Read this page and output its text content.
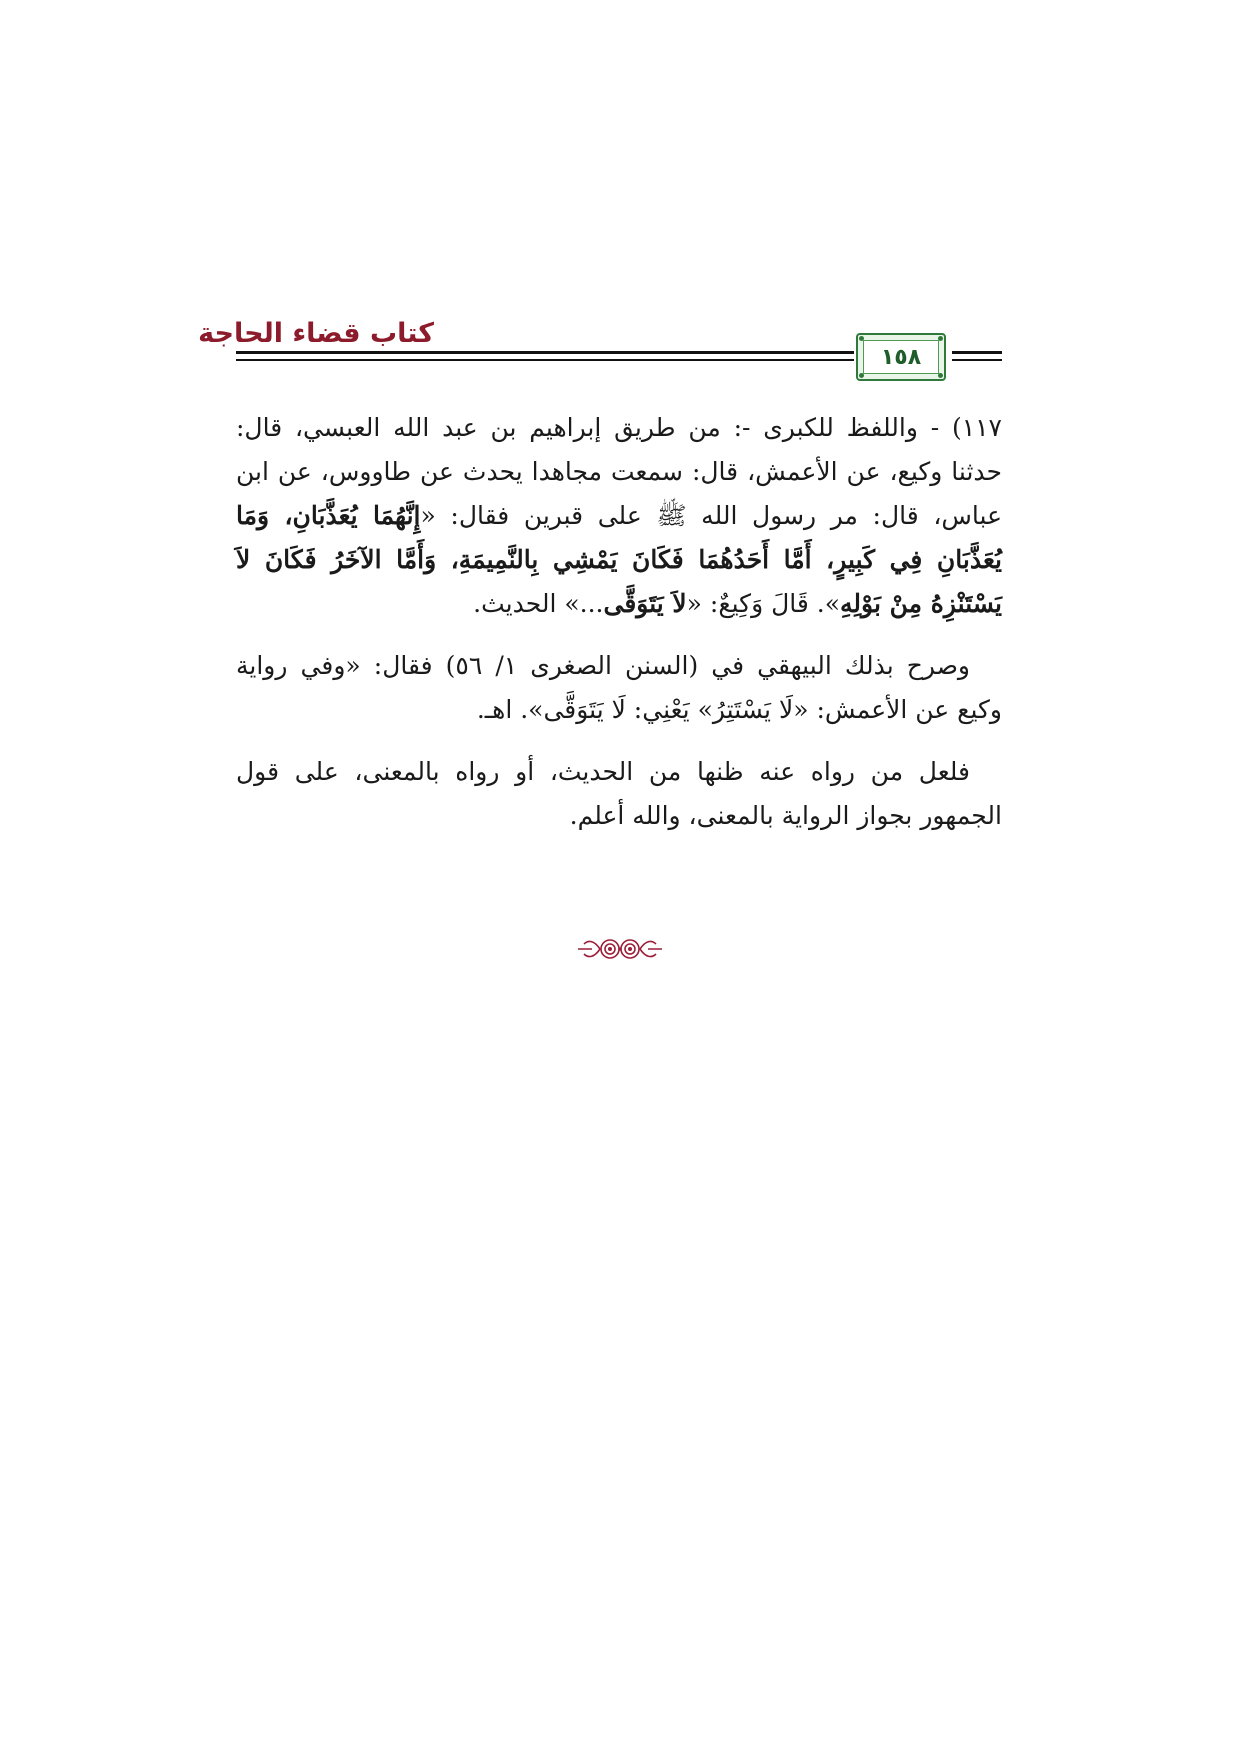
كتاب قضاء الحاجة
١٥٨

١١٧) - واللفظ للكبرى -: من طريق إبراهيم بن عبد الله العبسي، قال: حدثنا وكيع، عن الأعمش، قال: سمعت مجاهدا يحدث عن طاووس، عن ابن عباس، قال: مر رسول الله ﷺ على قبرين فقال: «إِنَّهُمَا يُعَذَّبَانِ، وَمَا يُعَذَّبَانِ فِي كَبِيرٍ، أَمَّا أَحَدُهُمَا فَكَانَ يَمْشِي بِالنَّمِيمَةِ، وَأَمَّا الآخَرُ فَكَانَ لاَ يَسْتَنْزِهُ مِنْ بَوْلِهِ». قَالَ وَكِيعٌ: «لاَ يَتَوَقَّى...» الحديث.

وصرح بذلك البيهقي في (السنن الصغرى ١/ ٥٦) فقال: «وفي رواية وكيع عن الأعمش: «لَا يَسْتَتِرُ» يَعْنِي: لَا يَتَوَقَّى». اهـ.

فلعل من رواه عنه ظنها من الحديث، أو رواه بالمعنى، على قول الجمهور بجواز الرواية بالمعنى، والله أعلم.
